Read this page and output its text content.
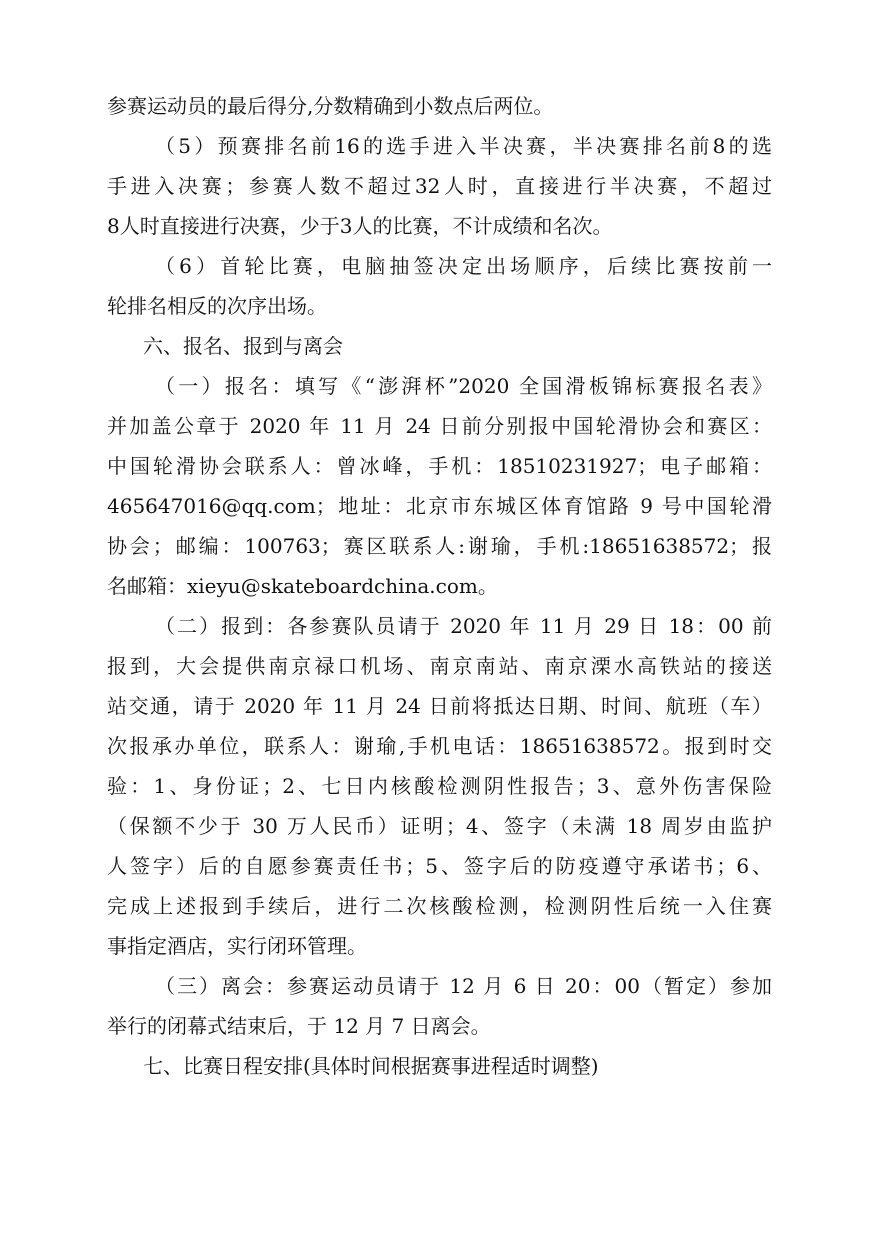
参赛运动员的最后得分,分数精确到小数点后两位。
（5）预赛排名前16的选手进入半决赛，半决赛排名前8的选
手进入决赛；参赛人数不超过32人时，直接进行半决赛，不超过
8人时直接进行决赛，少于3人的比赛，不计成绩和名次。
（6）首轮比赛，电脑抽签决定出场顺序，后续比赛按前一
轮排名相反的次序出场。
六、报名、报到与离会
（一）报名：填写《“澎湃杯”2020 全国滑板锦标赛报名表》
并加盖公章于 2020 年 11 月 24 日前分别报中国轮滑协会和赛区：
中国轮滑协会联系人：曾冰峰，手机：18510231927；电子邮箱：
465647016@qq.com；地址：北京市东城区体育馆路 9 号中国轮滑
协会；邮编：100763；赛区联系人:谢瑜，手机:18651638572；报
名邮箱：xieyu@skateboardchina.com。
（二）报到：各参赛队员请于 2020 年 11 月 29 日 18：00 前
报到，大会提供南京禄口机场、南京南站、南京溧水高铁站的接送
站交通，请于 2020 年 11 月 24 日前将抵达日期、时间、航班（车）
次报承办单位，联系人：谢瑜,手机电话：18651638572。报到时交
验：1、身份证；2、七日内核酸检测阴性报告；3、意外伤害保险
（保额不少于 30 万人民币）证明；4、签字（未满 18 周岁由监护
人签字）后的自愿参赛责任书；5、签字后的防疫遵守承诺书；6、
完成上述报到手续后，进行二次核酸检测，检测阴性后统一入住赛
事指定酒店，实行闭环管理。
（三）离会：参赛运动员请于 12 月 6 日 20：00（暂定）参加
举行的闭幕式结束后，于 12 月 7 日离会。
七、比赛日程安排(具体时间根据赛事进程适时调整)
